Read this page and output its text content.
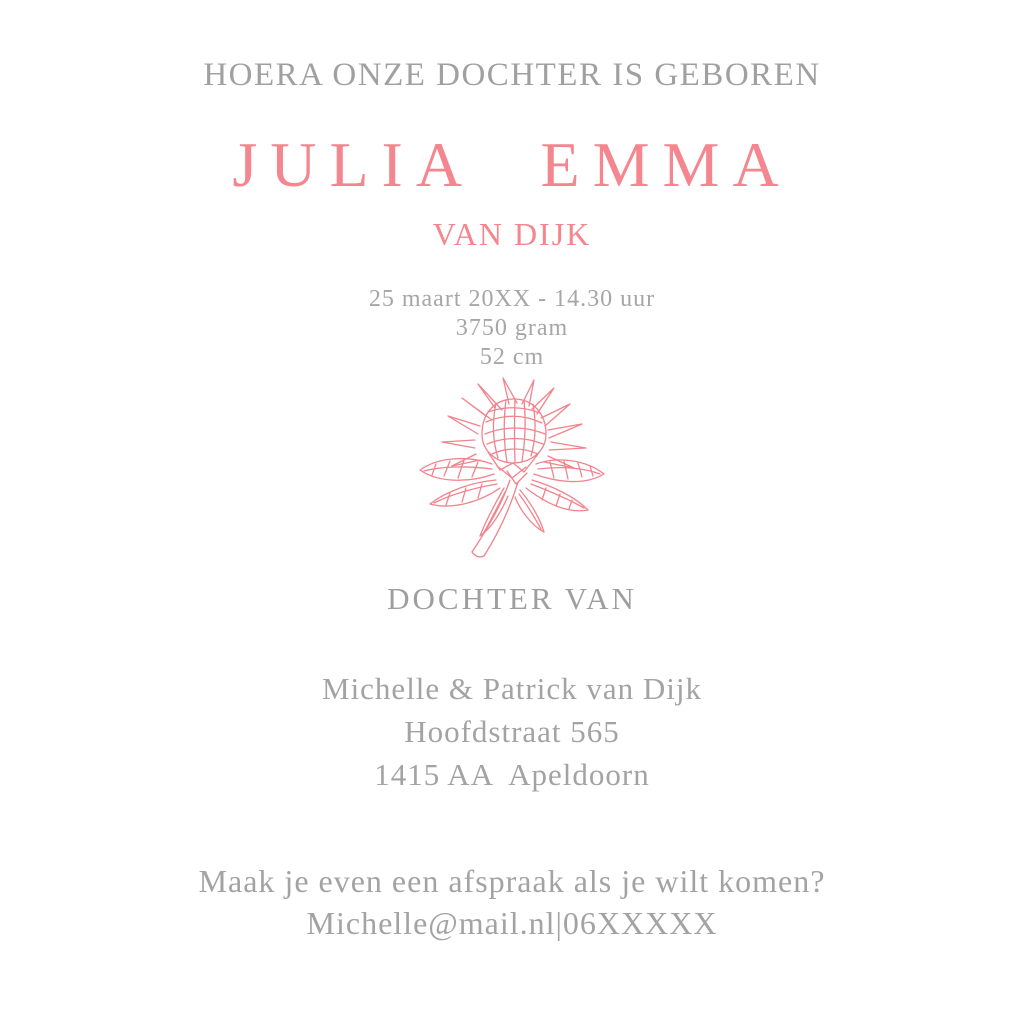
HOERA ONZE DOCHTER IS GEBOREN
JULIA EMMA
VAN DIJK
25 maart 20XX - 14.30 uur
3750 gram
52 cm
DOCHTER VAN
Michelle & Patrick van Dijk
Hoofdstraat 565
1415 AA  Apeldoorn
Maak je even een afspraak als je wilt komen?
Michelle@mail.nl|06XXXXX
